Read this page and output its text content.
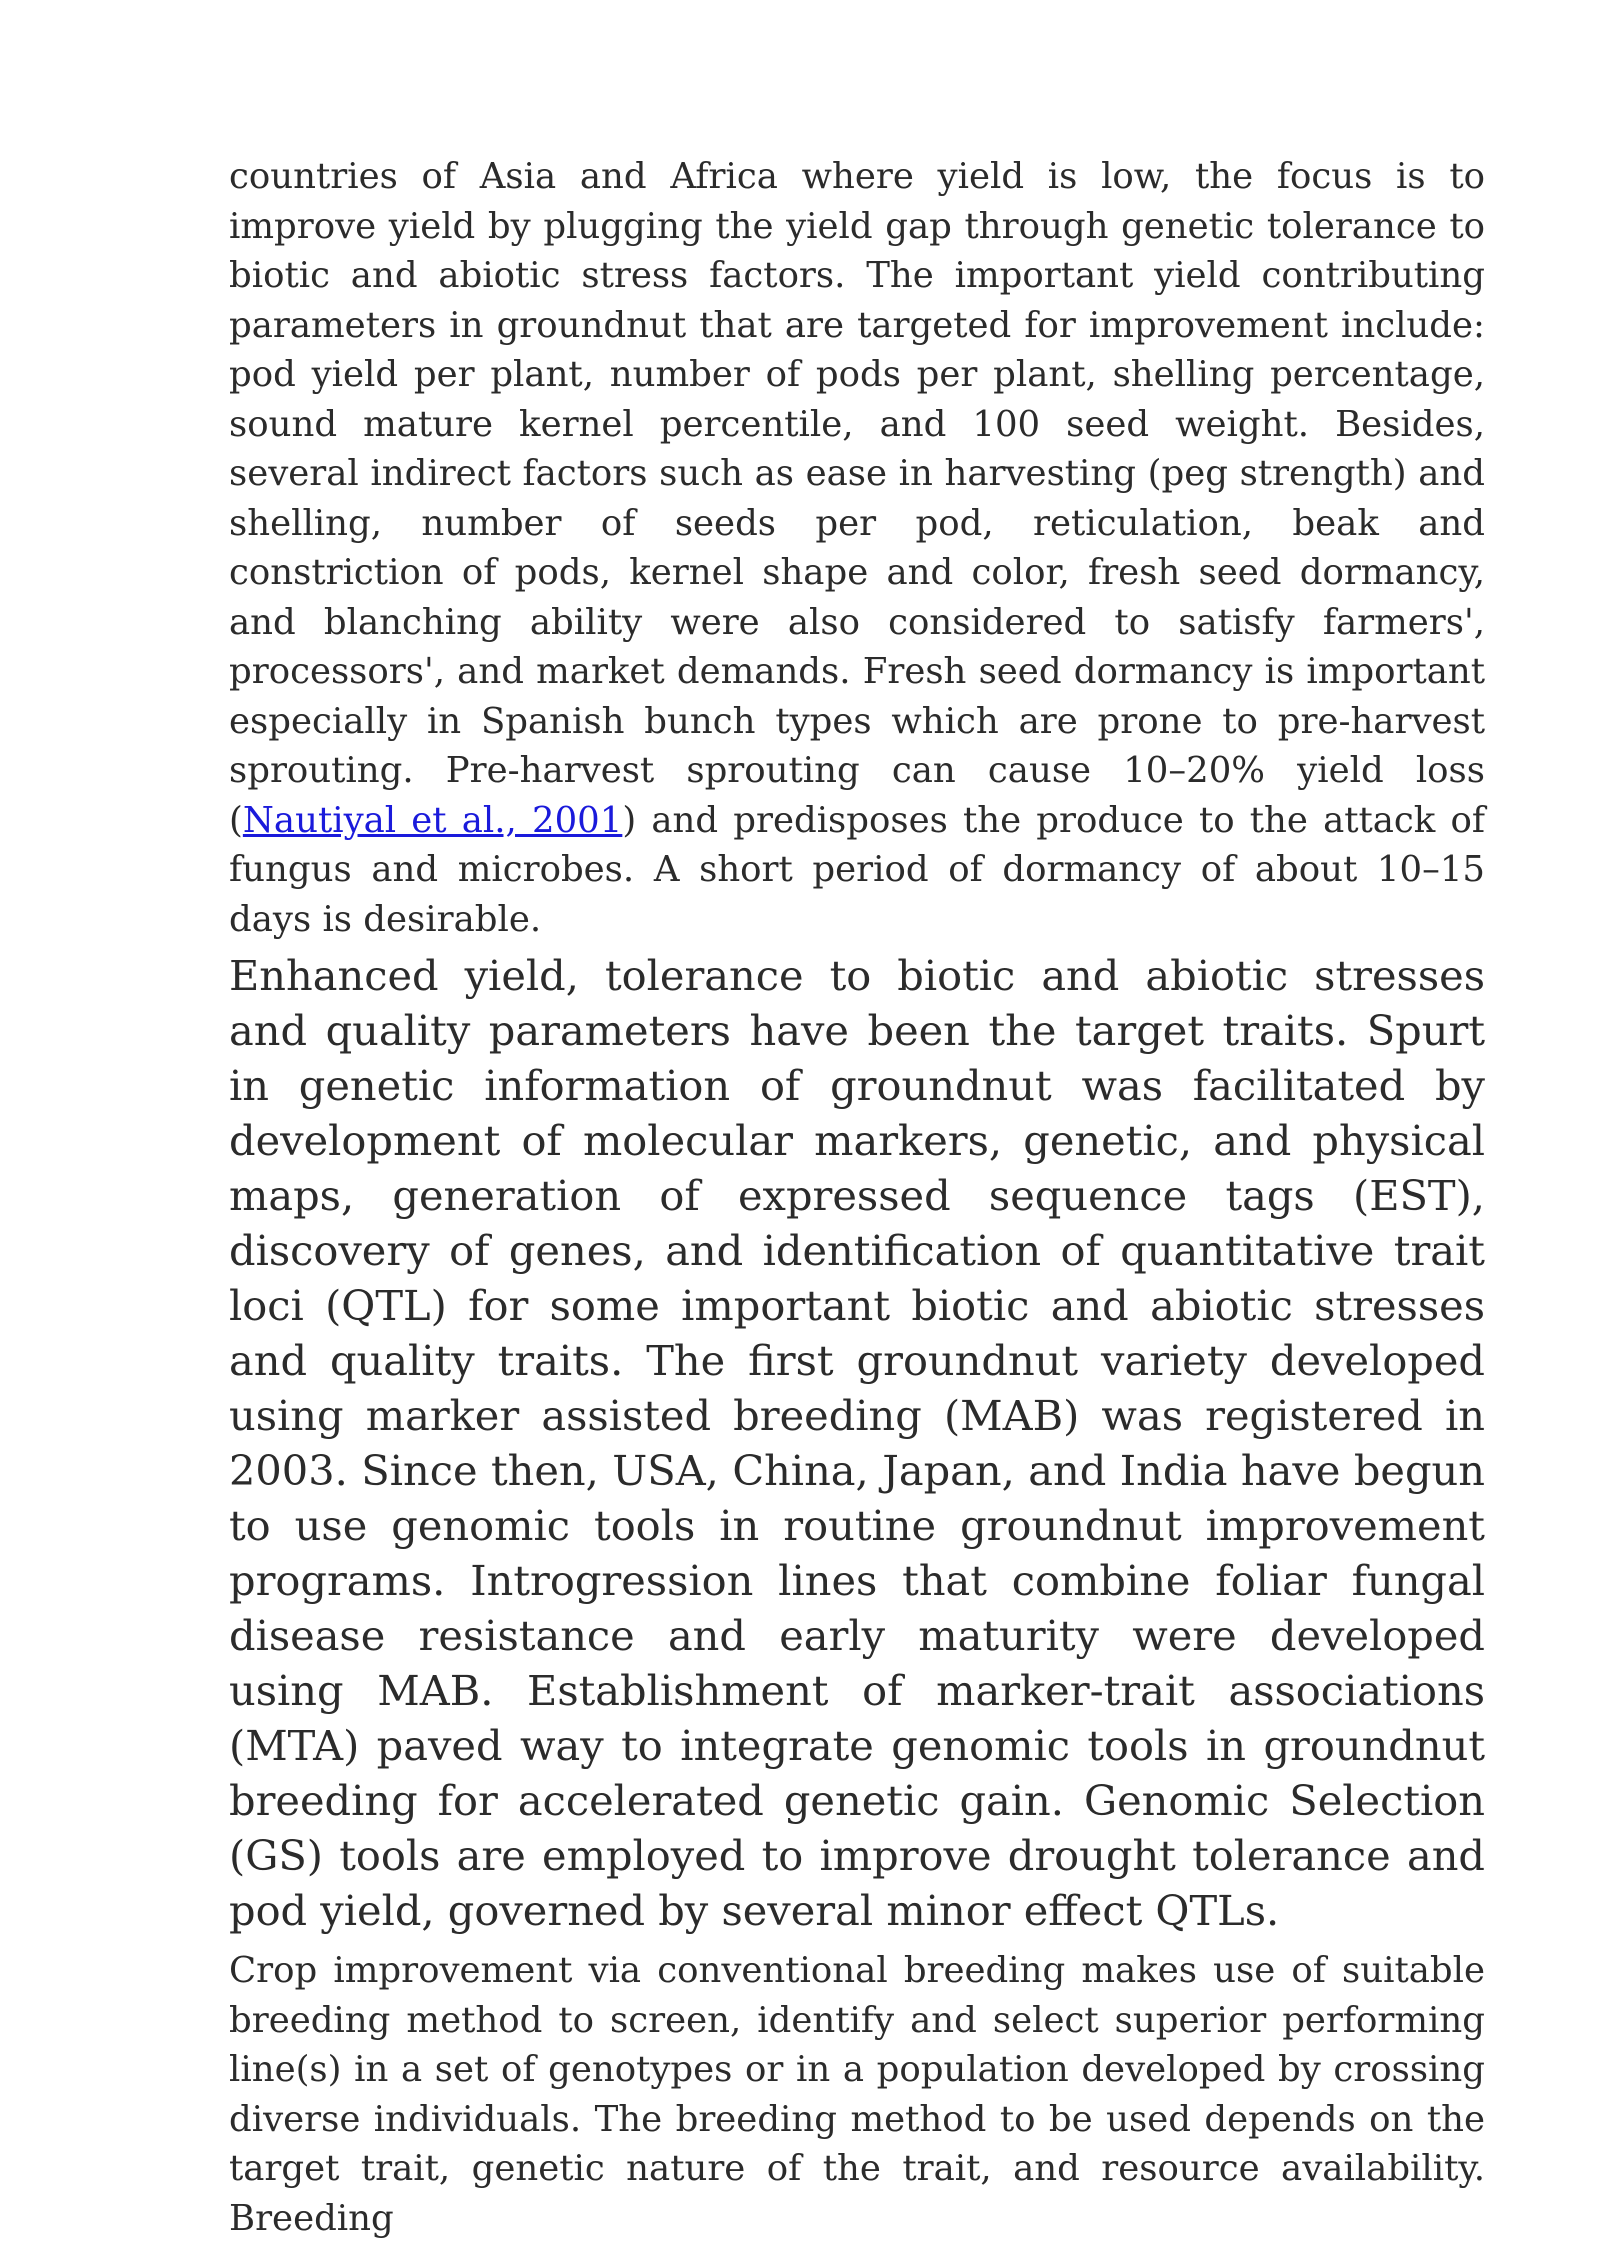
countries of Asia and Africa where yield is low, the focus is to improve yield by plugging the yield gap through genetic tolerance to biotic and abiotic stress factors. The important yield contributing parameters in groundnut that are targeted for improvement include: pod yield per plant, number of pods per plant, shelling percentage, sound mature kernel percentile, and 100 seed weight. Besides, several indirect factors such as ease in harvesting (peg strength) and shelling, number of seeds per pod, reticulation, beak and constriction of pods, kernel shape and color, fresh seed dormancy, and blanching ability were also considered to satisfy farmers', processors', and market demands. Fresh seed dormancy is important especially in Spanish bunch types which are prone to pre-harvest sprouting. Pre-harvest sprouting can cause 10–20% yield loss (Nautiyal et al., 2001) and predisposes the produce to the attack of fungus and microbes. A short period of dormancy of about 10–15 days is desirable.

Enhanced yield, tolerance to biotic and abiotic stresses and quality parameters have been the target traits. Spurt in genetic information of groundnut was facilitated by development of molecular markers, genetic, and physical maps, generation of expressed sequence tags (EST), discovery of genes, and identification of quantitative trait loci (QTL) for some important biotic and abiotic stresses and quality traits. The first groundnut variety developed using marker assisted breeding (MAB) was registered in 2003. Since then, USA, China, Japan, and India have begun to use genomic tools in routine groundnut improvement programs. Introgression lines that combine foliar fungal disease resistance and early maturity were developed using MAB. Establishment of marker-trait associations (MTA) paved way to integrate genomic tools in groundnut breeding for accelerated genetic gain. Genomic Selection (GS) tools are employed to improve drought tolerance and pod yield, governed by several minor effect QTLs.

Crop improvement via conventional breeding makes use of suitable breeding method to screen, identify and select superior performing line(s) in a set of genotypes or in a population developed by crossing diverse individuals. The breeding method to be used depends on the target trait, genetic nature of the trait, and resource availability. Breeding
